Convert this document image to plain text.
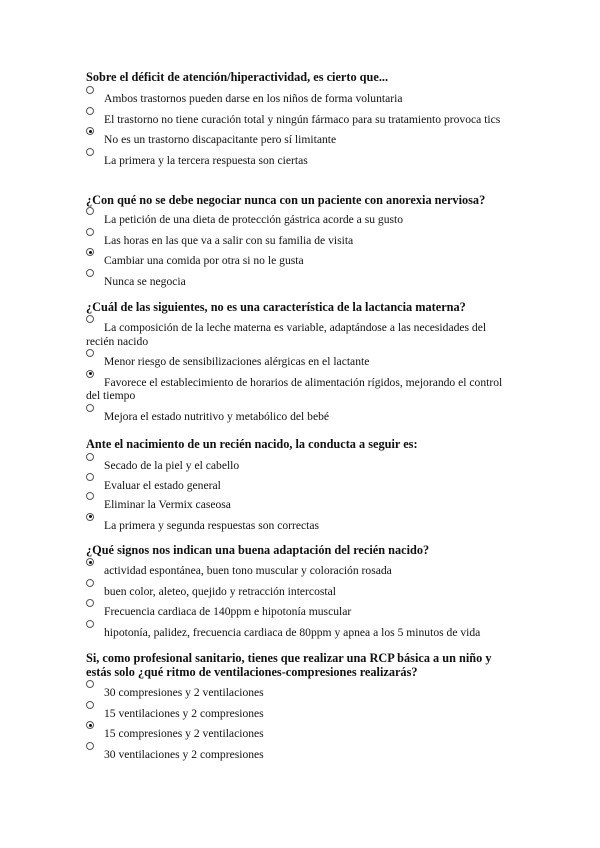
Sobre el déficit de atención/hiperactividad, es cierto que...

Ambos trastornos pueden darse en los niños de forma voluntaria
El trastorno no tiene curación total y ningún fármaco para su tratamiento provoca tics
No es un trastorno discapacitante pero sí limitante
La primera y la tercera respuesta son ciertas

¿Con qué no se debe negociar nunca con un paciente con anorexia nerviosa?

La petición de una dieta de protección gástrica acorde a su gusto
Las horas en las que va a salir con su familia de visita
Cambiar una comida por otra si no le gusta
Nunca se negocia

¿Cuál de las siguientes, no es una característica de la lactancia materna?

La composición de la leche materna es variable, adaptándose a las necesidades del recién nacido
Menor riesgo de sensibilizaciones alérgicas en el lactante
Favorece el establecimiento de horarios de alimentación rígidos, mejorando el control del tiempo
Mejora el estado nutritivo y metabólico del bebé

Ante el nacimiento de un recién nacido, la conducta a seguir es:

Secado de la piel y el cabello
Evaluar el estado general
Eliminar la Vermix caseosa
La primera y segunda respuestas son correctas

¿Qué signos nos indican una buena adaptación del recién nacido?

actividad espontánea, buen tono muscular y coloración rosada
buen color, aleteo, quejido y retracción intercostal
Frecuencia cardiaca de 140ppm e hipotonía muscular
hipotonía, palidez, frecuencia cardiaca de 80ppm y apnea a los 5 minutos de vida

Si, como profesional sanitario, tienes que realizar una RCP básica a un niño y estás solo ¿qué ritmo de ventilaciones-compresiones realizarás?

30 compresiones y 2 ventilaciones
15 ventilaciones y 2 compresiones
15 compresiones y 2 ventilaciones
30 ventilaciones y 2 compresiones
